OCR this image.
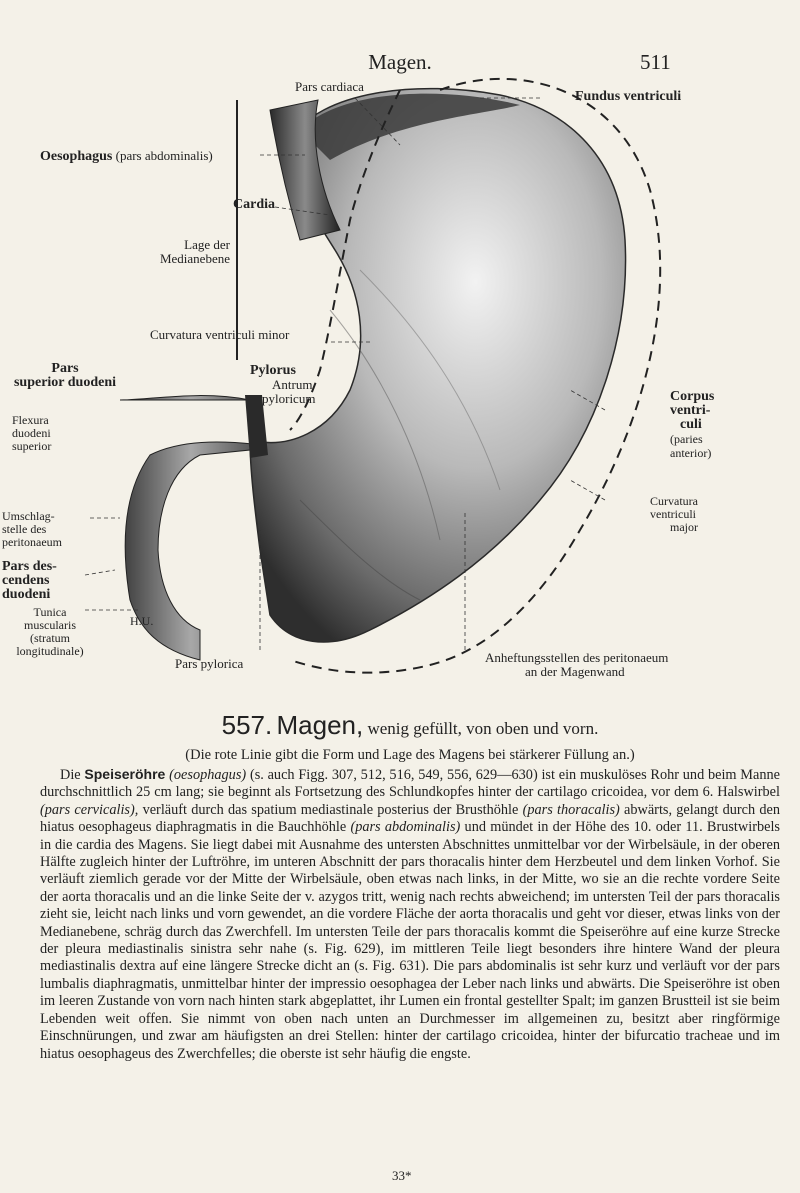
Magen.	511
Pars cardiaca
Fundus ventriculi
Oesophagus (pars abdominalis)
Cardia
Lage der
Medianebene
Curvatura ventriculi minor
Pars
superior duodeni
Pylorus
Antrum
pyloricum
Flexura
duodeni
superior
Corpus
ventri-
culi
(paries
anterior)
Umschlag-
stelle des
peritonaeum
Curvatura
ventriculi
major
Pars des-
cendens
duodeni
Tunica
muscularis
(stratum
longitudinale)
H.U.
Pars pylorica	Anheftungsstellen des peritonaeum
an der Magenwand
557. Magen, wenig gefüllt, von oben und vorn.

(Die rote Linie gibt die Form und Lage des Magens bei stärkerer Füllung an.)

Die Speiseröhre (oesophagus) (s. auch Figg. 307, 512, 516, 549, 556, 629—630) ist ein muskulöses Rohr und beim Manne durchschnittlich 25 cm lang; sie beginnt als Fortsetzung des Schlundkopfes hinter der cartilago cricoidea, vor dem 6. Halswirbel (pars cervicalis), verläuft durch das spatium mediastinale posterius der Brusthöhle (pars thoracalis) abwärts, gelangt durch den hiatus oesophageus diaphragmatis in die Bauchhöhle (pars abdominalis) und mündet in der Höhe des 10. oder 11. Brustwirbels in die cardia des Magens. Sie liegt dabei mit Ausnahme des untersten Abschnittes unmittelbar vor der Wirbelsäule, in der oberen Hälfte zugleich hinter der Luftröhre, im unteren Abschnitt der pars thoracalis hinter dem Herzbeutel und dem linken Vorhof. Sie verläuft ziemlich gerade vor der Mitte der Wirbelsäule, oben etwas nach links, in der Mitte, wo sie an die rechte vordere Seite der aorta thoracalis und an die linke Seite der v. azygos tritt, wenig nach rechts abweichend; im untersten Teil der pars thoracalis zieht sie, leicht nach links und vorn gewendet, an die vordere Fläche der aorta thoracalis und geht vor dieser, etwas links von der Medianebene, schräg durch das Zwerchfell. Im untersten Teile der pars thoracalis kommt die Speiseröhre auf eine kurze Strecke der pleura mediastinalis sinistra sehr nahe (s. Fig. 629), im mittleren Teile liegt besonders ihre hintere Wand der pleura mediastinalis dextra auf eine längere Strecke dicht an (s. Fig. 631). Die pars abdominalis ist sehr kurz und verläuft vor der pars lumbalis diaphragmatis, unmittelbar hinter der impressio oesophagea der Leber nach links und abwärts. Die Speiseröhre ist oben im leeren Zustande von vorn nach hinten stark abgeplattet, ihr Lumen ein frontal gestellter Spalt; im ganzen Brustteil ist sie beim Lebenden weit offen. Sie nimmt von oben nach unten an Durchmesser im allgemeinen zu, besitzt aber ringförmige Einschnürungen, und zwar am häufigsten an drei Stellen: hinter der cartilago cricoidea, hinter der bifurcatio tracheae und im hiatus oesophageus des Zwerchfelles; die oberste ist sehr häufig die engste.

33*
